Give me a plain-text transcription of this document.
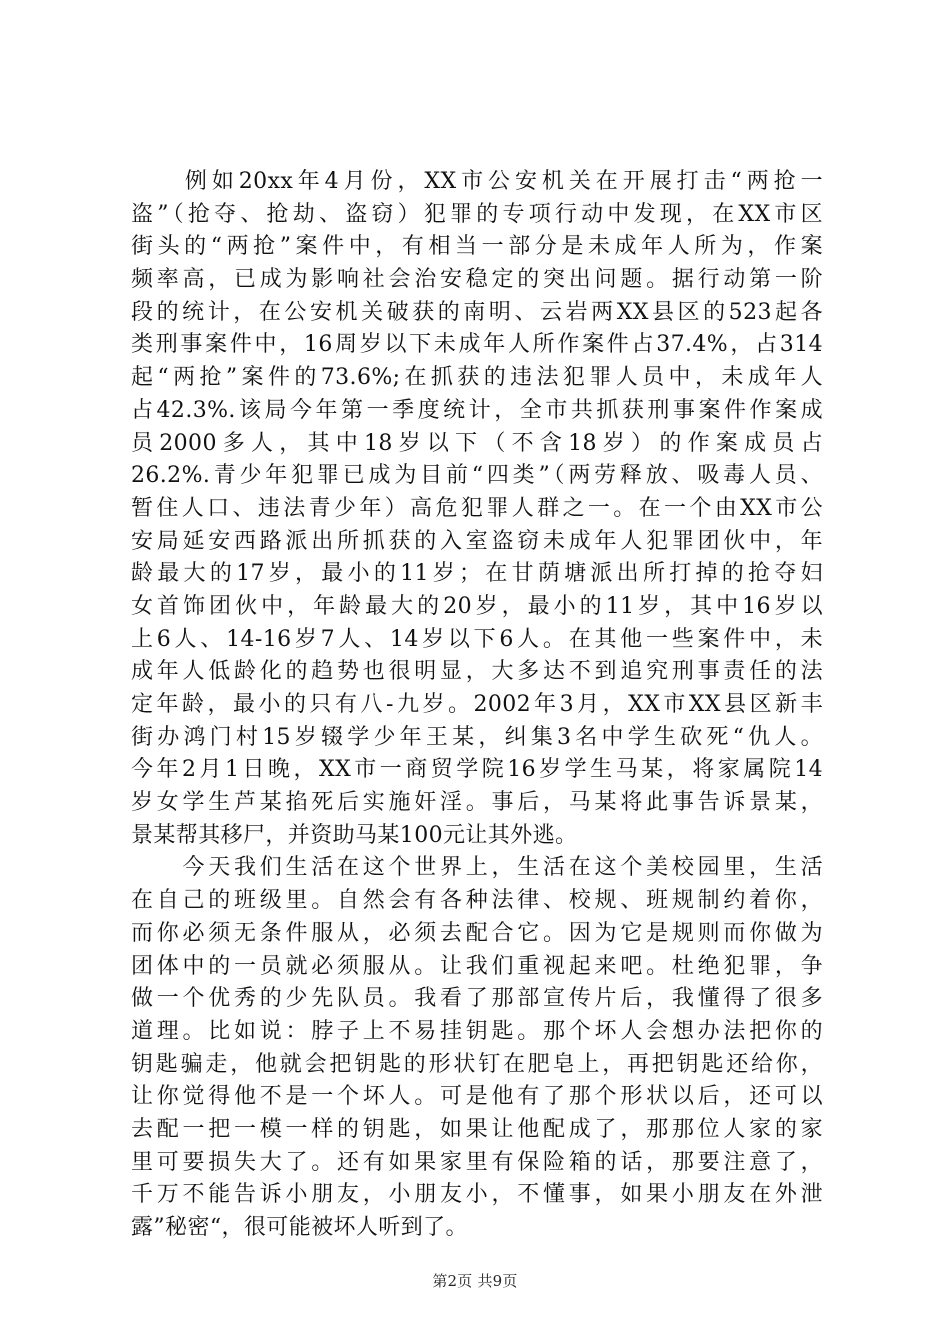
　　例如20xx年4月份，XX市公安机关在开展打击“两抢一
盗”（抢夺、抢劫、盗窃）犯罪的专项行动中发现，在XX市区
街头的“两抢”案件中，有相当一部分是未成年人所为，作案
频率高，已成为影响社会治安稳定的突出问题。据行动第一阶
段的统计，在公安机关破获的南明、云岩两XX县区的523起各
类刑事案件中，16周岁以下未成年人所作案件占37.4%，占314
起“两抢”案件的73.6%;在抓获的违法犯罪人员中，未成年人
占42.3%.该局今年第一季度统计，全市共抓获刑事案件作案成
员2000多人，其中18岁以下（不含18岁）的作案成员占
26.2%.青少年犯罪已成为目前“四类”（两劳释放、吸毒人员、
暂住人口、违法青少年）高危犯罪人群之一。在一个由XX市公
安局延安西路派出所抓获的入室盗窃未成年人犯罪团伙中，年
龄最大的17岁，最小的11岁；在甘荫塘派出所打掉的抢夺妇
女首饰团伙中，年龄最大的20岁，最小的11岁，其中16岁以
上6人、14-16岁7人、14岁以下6人。在其他一些案件中，未
成年人低龄化的趋势也很明显，大多达不到追究刑事责任的法
定年龄，最小的只有八-九岁。2002年3月，XX市XX县区新丰
街办鸿门村15岁辍学少年王某，纠集3名中学生砍死“仇人。
今年2月1日晚，XX市一商贸学院16岁学生马某，将家属院14
岁女学生芦某掐死后实施奸淫。事后，马某将此事告诉景某，
景某帮其移尸，并资助马某100元让其外逃。
　　今天我们生活在这个世界上，生活在这个美校园里，生活
在自己的班级里。自然会有各种法律、校规、班规制约着你，
而你必须无条件服从，必须去配合它。因为它是规则而你做为
团体中的一员就必须服从。让我们重视起来吧。杜绝犯罪，争
做一个优秀的少先队员。我看了那部宣传片后，我懂得了很多
道理。比如说：脖子上不易挂钥匙。那个坏人会想办法把你的
钥匙骗走，他就会把钥匙的形状钉在肥皂上，再把钥匙还给你，
让你觉得他不是一个坏人。可是他有了那个形状以后，还可以
去配一把一模一样的钥匙，如果让他配成了，那那位人家的家
里可要损失大了。还有如果家里有保险箱的话，那要注意了，
千万不能告诉小朋友，小朋友小，不懂事，如果小朋友在外泄
露”秘密“，很可能被坏人听到了。
第2页 共9页
